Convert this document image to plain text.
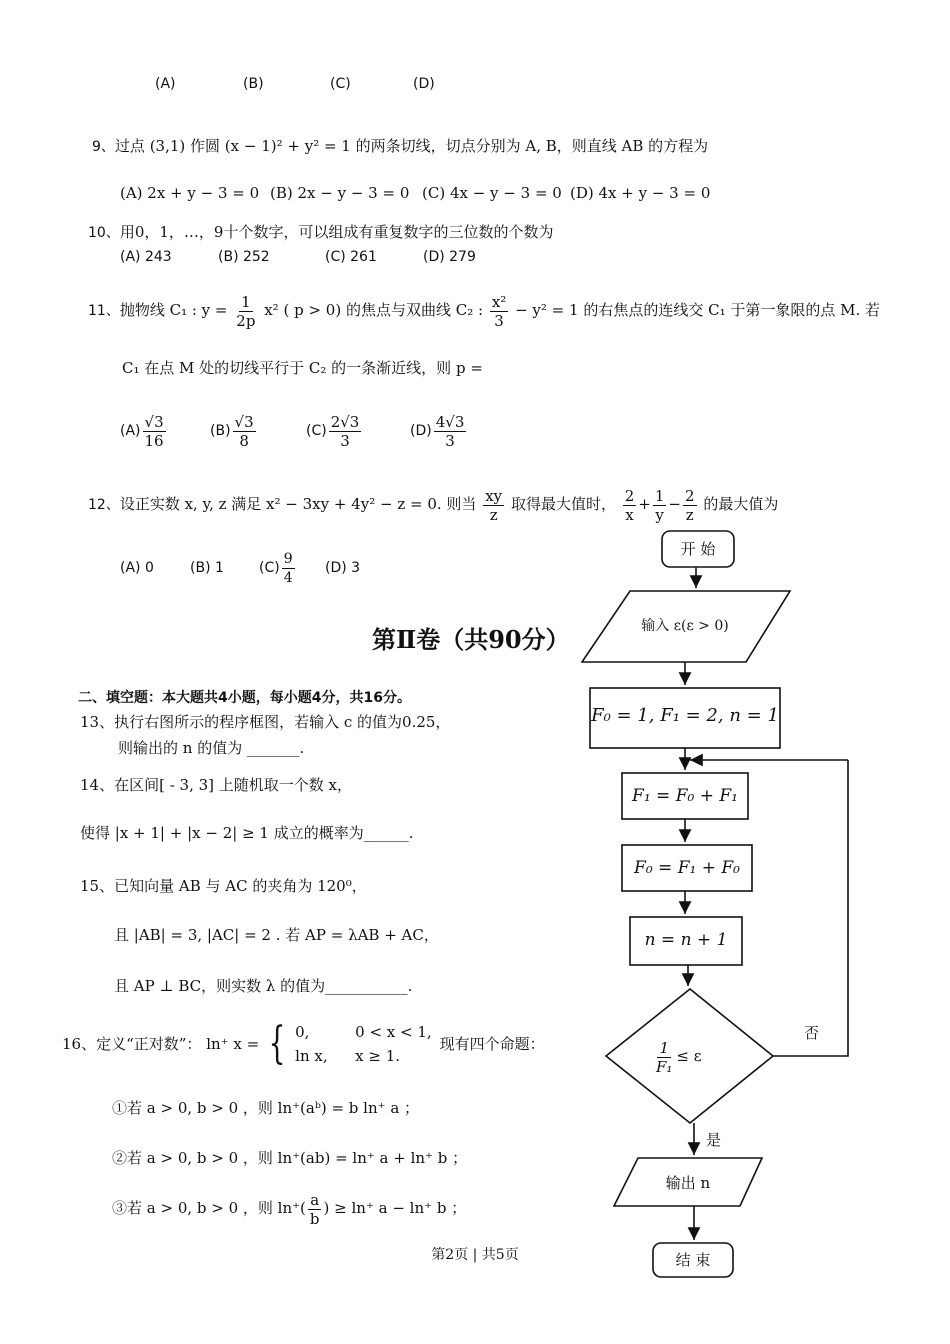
(A)	(B)	(C)	(D)
9、过点 (3,1) 作圆 (x − 1)² + y² = 1 的两条切线，切点分别为 A, B，则直线 AB 的方程为
(A) 2x + y − 3 = 0 (B) 2x − y − 3 = 0 (C) 4x − y − 3 = 0 (D) 4x + y − 3 = 0
10、用0，1，…，9十个数字，可以组成有重复数字的三位数的个数为
(A) 243	(B) 252	(C) 261	(D) 279
11、抛物线 C₁ : $y = \frac{1}{2p} x^2$ ( p > 0) 的焦点与双曲线 C₂ : $\frac{\text{x²}}{3} - y^2 = 1$ 的右焦点的连线交 C₁ 于第一象限的点 M. 若
C₁ 在点 M 处的切线平行于 C₂ 的一条渐近线，则 p =
$(A) \frac{√3}{16}$	$(B) \frac{√3}{8}$	$(C) \frac{2√3}{3}$	$(D) \frac{4√3}{3}$
12、设正实数 x, y, z 满足 x² − 3xy + 4y² − z = 0. 则当 $\frac{xy}{z}$ 取得最大值时， $\frac{2}{x} + \frac{1}{y} - \frac{2}{z}$ 的最大值为
(A) 0	(B) 1	$(C) \frac{9}{4} (D)$ 3
第Ⅱ卷（共90分）
二、填空题：本大题共4小题，每小题4分，共16分。
13、执行右图所示的程序框图，若输入 c 的值为0.25，
则输出的 n 的值为 _______.
14、在区间[ - 3, 3] 上随机取一个数 x，
使得 |x + 1| + |x − 2| ≥ 1 成立的概率为______.
15、已知向量 AB 与 AC 的夹角为 120⁰，
且 |AB| = 3, |AC| = 2 . 若 AP = λAB + AC，
且 AP ⊥ BC，则实数 λ 的值为___________.
16、定义“正对数”： ln⁺ x = { 0,	0 < x < 1,
ln x, x ≥ 1.
现有四个命题：
①若 a > 0, b > 0 ，则 ln⁺(aᵇ) = b ln⁺ a ；
②若 a > 0, b > 0 ，则 ln⁺(ab) = ln⁺ a + ln⁺ b ；
③若 a > 0, b > 0 ，则 $\ln^+( \frac{a}{b}$ ) ≥ ln⁺ a − ln⁺ b ；
开 始
输入 ε(ε > 0)
F₀ = 1, F₁ = 2, n = 1
F₁ = F₀ + F₁
F₀ = F₁ + F₀
n = n + 1
$\frac{1}{\text{F₁}} \le \varepsilon$
否
是
输出 n
结 束
第2页 | 共5页
